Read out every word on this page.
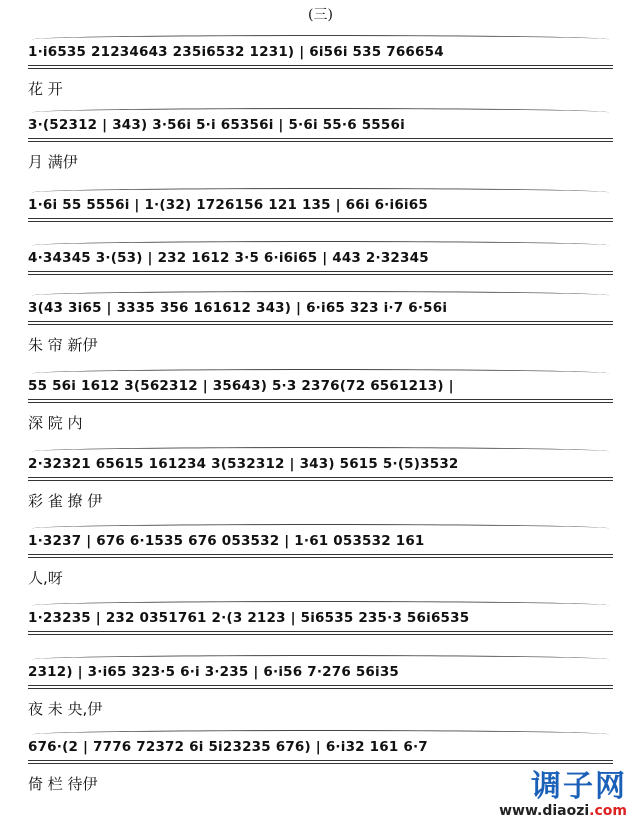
(三)
1·i6535 21234643 235i6532 1231) | 6i56i 535 766654
花 开
3·(52312 | 343) 3·56i 5·i 65356i | 5·6i 55·6 5556i
月 满伊
1·6i 55 5556i | 1·(32) 1726156 121 135 | 66i 6·i6i65
4·34345 3·(53) | 232 1612 3·5 6·i6i65 | 443 2·32345
3(43 3i65 | 3335 356 161612 343) | 6·i65 323 i·7 6·56i
朱 帘 新伊
55 56i 1612 3(562312 | 35643) 5·3 2376(72 6561213) |
深 院 内
2·32321 65615 161234 3(532312 | 343) 5615 5·(5)3532
彩 雀 撩 伊
1·3237 | 676 6·1535 676 053532 | 1·61 053532 161
人,呀
1·23235 | 232 0351761 2·(3 2123 | 5i6535 235·3 56i6535
2312) | 3·i65 323·5 6·i 3·235 | 6·i56 7·276 56i35
夜 未 央,伊
676·(2 | 7776 72372 6i 5i23235 676) | 6·i32 161 6·7
倚 栏 待伊	调子网
www.diaozi.com
